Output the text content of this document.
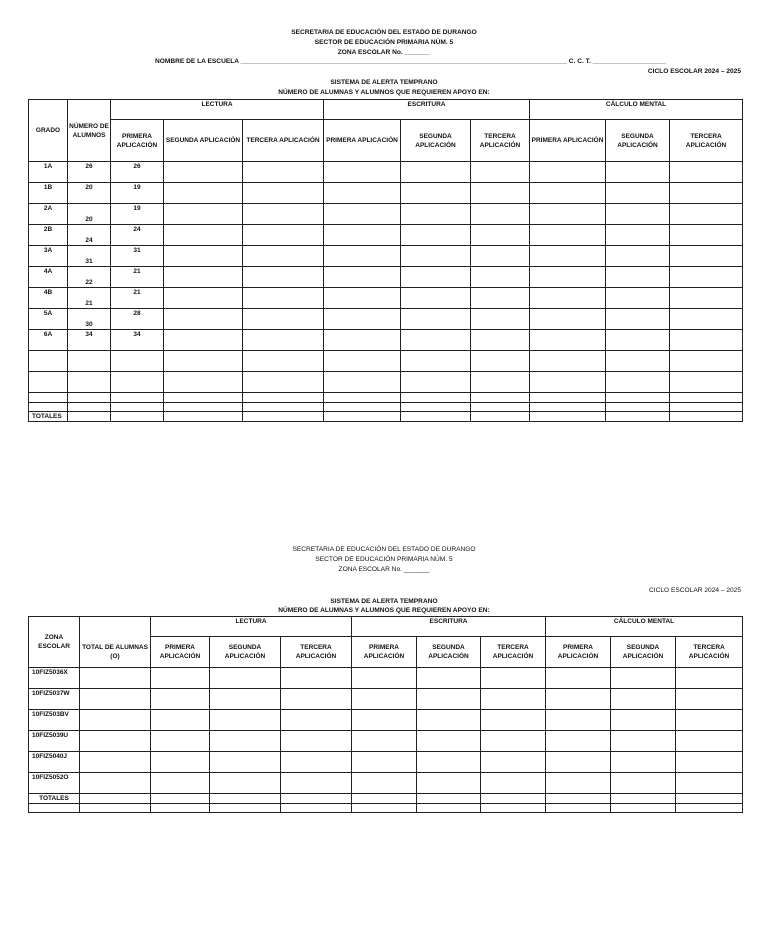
SECRETARIA DE EDUCACIÓN DEL ESTADO DE DURANGO
SECTOR DE EDUCACIÓN PRIMARIA NÚM. 5
ZONA ESCOLAR No. _______
NOMBRE DE LA ESCUELA _________________________________________________________________________________________ C. C. T. ____________________
CICLO ESCOLAR 2024 – 2025
SISTEMA DE ALERTA TEMPRANO
NÚMERO DE ALUMNAS Y ALUMNOS QUE REQUIEREN APOYO EN:
GRADO	NÚMERO DE ALUMNOS	LECTURA			ESCRITURA			CÁLCULO MENTAL		
		PRIMERA APLICACIÓN	SEGUNDA APLICACIÓN	TERCERA APLICACIÓN	PRIMERA APLICACIÓN	SEGUNDA APLICACIÓN	TERCERA APLICACIÓN	PRIMERA APLICACIÓN	SEGUNDA APLICACIÓN	TERCERA APLICACIÓN
1A	26	26								
1B	20	19								
2A	20	19								
2B	24	24								
3A	31	31								
4A	22	21								
4B	21	21								
5A	30	28								
6A	34	34								

TOTALES										
SECRETARIA DE EDUCACIÓN DEL ESTADO DE DURANGO
SECTOR DE EDUCACIÓN PRIMARIA NÚM. 5
ZONA ESCOLAR No. _______
CICLO ESCOLAR 2024 – 2025
SISTEMA DE ALERTA TEMPRANO
NÚMERO DE ALUMNAS Y ALUMNOS QUE REQUIEREN APOYO EN:
ZONA ESCOLAR		LECTURA			ESCRITURA			CÁLCULO MENTAL		
	TOTAL DE ALUMNAS (O)	PRIMERA APLICACIÓN	SEGUNDA APLICACIÓN	TERCERA APLICACIÓN	PRIMERA APLICACIÓN	SEGUNDA APLICACIÓN	TERCERA APLICACIÓN	PRIMERA APLICACIÓN	SEGUNDA APLICACIÓN	TERCERA APLICACIÓN
10FIZ5036X										
10FIZ5037W										
10FIZ503BV										
10FIZ5039U										
10FIZ5040J										
10FIZ5052O										
TOTALES										
